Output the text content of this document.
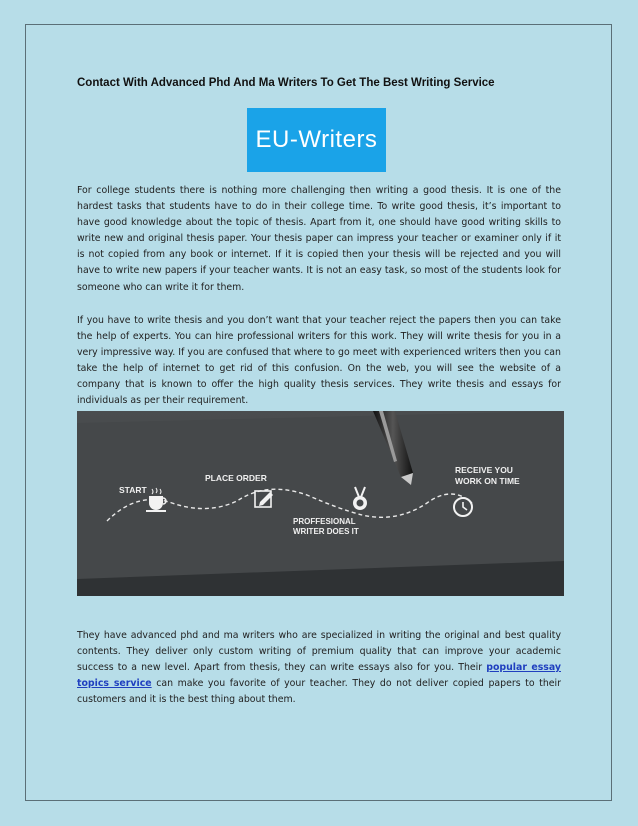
Contact With Advanced Phd And Ma Writers To Get The Best Writing Service
EU-Writers

For college students there is nothing more challenging then writing a good thesis. It is one of the hardest tasks that students have to do in their college time. To write good thesis, it’s important to have good knowledge about the topic of thesis. Apart from it, one should have good writing skills to write new and original thesis paper. Your thesis paper can impress your teacher or examiner only if it is not copied from any book or internet. If it is copied then your thesis will be rejected and you will have to write new papers if your teacher wants. It is not an easy task, so most of the students look for someone who can write it for them.

If you have to write thesis and you don’t want that your teacher reject the papers then you can take the help of experts. You can hire professional writers for this work. They will write thesis for you in a very impressive way. If you are confused that where to go meet with experienced writers then you can take the help of internet to get rid of this confusion. On the web, you will see the website of a company that is known to offer the high quality thesis services. They write thesis and essays for individuals as per their requirement.

START
PLACE ORDER
PROFFESIONAL
WRITER DOES IT
RECEIVE YOU
WORK ON TIME

They have advanced phd and ma writers who are specialized in writing the original and best quality contents. They deliver only custom writing of premium quality that can improve your academic success to a new level. Apart from thesis, they can write essays also for you. Their popular essay topics service can make you favorite of your teacher. They do not deliver copied papers to their customers and it is the best thing about them.
